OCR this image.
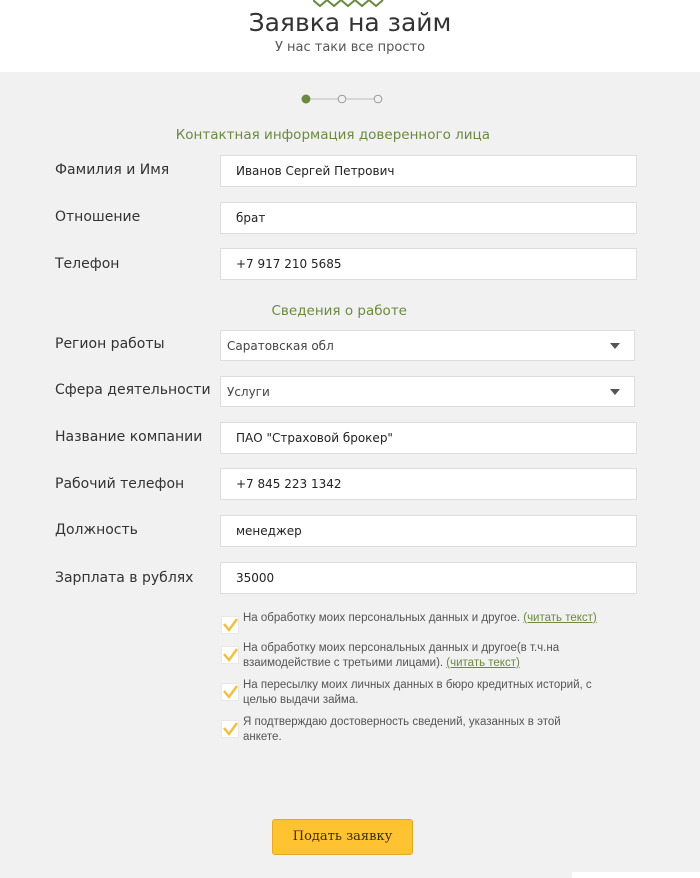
Заявка на займ
У нас таки все просто
Контактная информация доверенного лица
Фамилия и Имя	Иванов Сергей Петрович
Отношение	брат
Телефон	+7 917 210 5685
Сведения о работе
Регион работы	Саратовская обл
Сфера деятельности	Услуги
Название компании	ПАО "Страховой брокер"
Рабочий телефон	+7 845 223 1342
Должность	менеджер
Зарплата в рублях	35000
На обработку моих персональных данных и другое. (читать текст)
На обработку моих персональных данных и другое(в т.ч.на взаимодействие с третьими лицами). (читать текст)
На пересылку моих личных данных в бюро кредитных историй, с целью выдачи займа.
Я подтверждаю достоверность сведений, указанных в этой анкете.
Подать заявку
